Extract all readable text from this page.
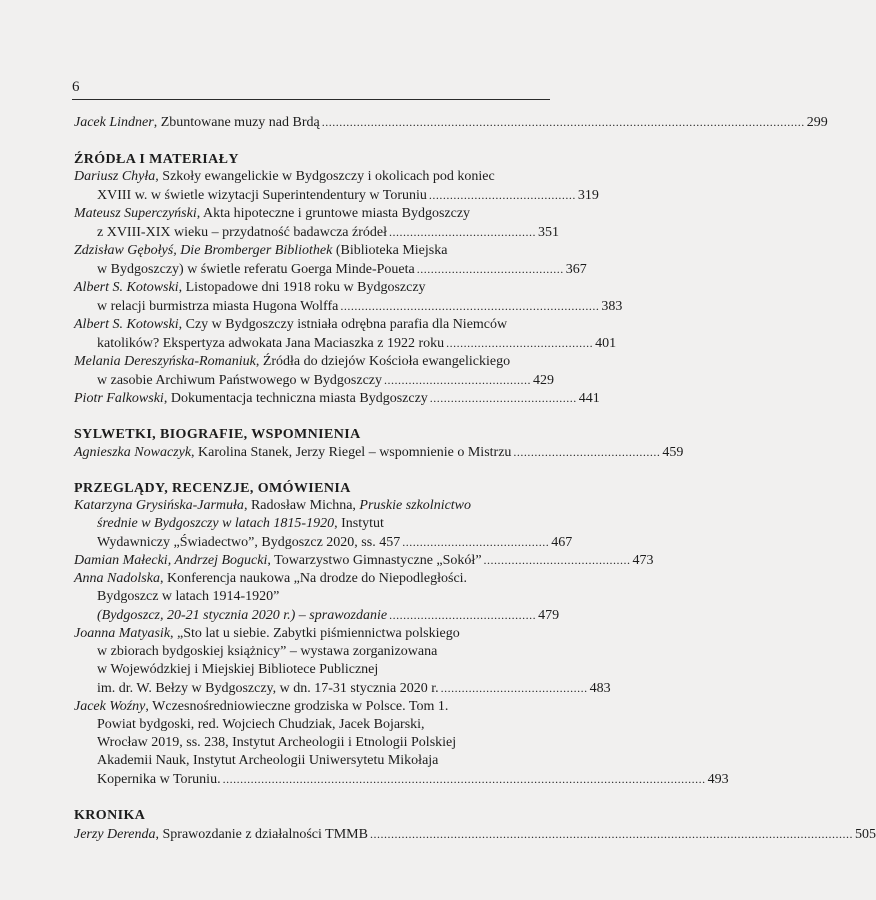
6
Jacek Lindner, Zbuntowane muzy nad Brdą .......................................................................................................................................... 299
ŹRÓDŁA I MATERIAŁY
Dariusz Chyła, Szkoły ewangelickie w Bydgoszczy i okolicach pod koniec
XVIII w. w świetle wizytacji Superintendentury w Toruniu .......................................... 319
Mateusz Superczyński, Akta hipoteczne i gruntowe miasta Bydgoszczy
z XVIII-XIX wieku – przydatność badawcza źródeł .......................................... 351
Zdzisław Gębołyś, Die Bromberger Bibliothek (Biblioteka Miejska
w Bydgoszczy) w świetle referatu Goerga Minde-Poueta .......................................... 367
Albert S. Kotowski, Listopadowe dni 1918 roku w Bydgoszczy
w relacji burmistrza miasta Hugona Wolffa .......................................................................... 383
Albert S. Kotowski, Czy w Bydgoszczy istniała odrębna parafia dla Niemców
katolików? Ekspertyza adwokata Jana Maciaszka z 1922 roku .......................................... 401
Melania Dereszyńska-Romaniuk, Źródła do dziejów Kościoła ewangelickiego
w zasobie Archiwum Państwowego w Bydgoszczy .......................................... 429
Piotr Falkowski, Dokumentacja techniczna miasta Bydgoszczy .......................................... 441
SYLWETKI, BIOGRAFIE, WSPOMNIENIA
Agnieszka Nowaczyk, Karolina Stanek, Jerzy Riegel – wspomnienie o Mistrzu .......................................... 459
PRZEGLĄDY, RECENZJE, OMÓWIENIA
Katarzyna Grysińska-Jarmuła, Radosław Michna, Pruskie szkolnictwo
średnie w Bydgoszczy w latach 1815-1920, Instytut
Wydawniczy „Świadectwo”, Bydgoszcz 2020, ss. 457 .......................................... 467
Damian Małecki, Andrzej Bogucki, Towarzystwo Gimnastyczne „Sokół” .......................................... 473
Anna Nadolska, Konferencja naukowa „Na drodze do Niepodległości.
Bydgoszcz w latach 1914-1920”
(Bydgoszcz, 20-21 stycznia 2020 r.) – sprawozdanie .......................................... 479
Joanna Matyasik, „Sto lat u siebie. Zabytki piśmiennictwa polskiego
w zbiorach bydgoskiej książnicy” – wystawa zorganizowana
w Wojewódzkiej i Miejskiej Bibliotece Publicznej
im. dr. W. Bełzy w Bydgoszczy, w dn. 17-31 stycznia 2020 r. .......................................... 483
Jacek Woźny, Wczesnośredniowieczne grodziska w Polsce. Tom 1.
Powiat bydgoski, red. Wojciech Chudziak, Jacek Bojarski,
Wrocław 2019, ss. 238, Instytut Archeologii i Etnologii Polskiej
Akademii Nauk, Instytut Archeologii Uniwersytetu Mikołaja
Kopernika w Toruniu. .......................................................................................................................................... 493
KRONIKA
Jerzy Derenda, Sprawozdanie z działalności TMMB .......................................................................................................................................... 505
